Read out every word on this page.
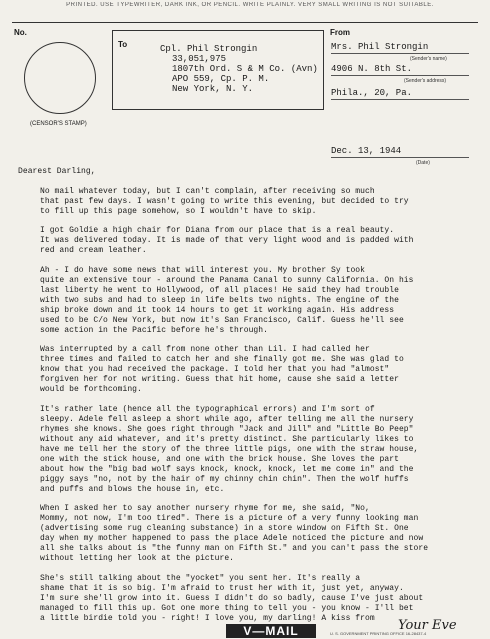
PRINTED. USE TYPEWRITER, DARK INK, OR PENCIL. WRITE PLAINLY. VERY SMALL WRITING IS NOT SUITABLE.
No.
(CENSOR'S STAMP)
To	Cpl. Phil Strongin
33,051,975
1807th Ord. S & M Co. (Avn)
APO 559, Cp. P. M.
New York, N. Y.
From
Mrs. Phil Strongin
(Sender's name)
4906 N. 8th St.
(Sender's address)
Phila., 20, Pa.
Dec. 13, 1944
(Date)
Dearest Darling,
No mail whatever today, but I can't complain, after receiving so much
that past few days. I wasn't going to write this evening, but decided to try
to fill up this page somehow, so I wouldn't have to skip.
I got Goldie a high chair for Diana from our place that is a real beauty.
It was delivered today. It is made of that very light wood and is padded with
red and cream leather.
Ah - I do have some news that will interest you. My brother Sy took
quite an extensive tour - around the Panama Canal to sunny California. On his
last liberty he went to Hollywood, of all places! He said they had trouble
with two subs and had to sleep in life belts two nights. The engine of the
ship broke down and it took 14 hours to get it working again. His address
used to be C/o New York, but now it's San Francisco, Calif. Guess he'll see
some action in the Pacific before he's through.
Was interrupted by a call from none other than Lil. I had called her
three times and failed to catch her and she finally got me. She was glad to
know that you had received the package. I told her that you had "almost"
forgiven her for not writing. Guess that hit home, cause she said a letter
would be forthcoming.
It's rather late (hence all the typographical errors) and I'm sort of
sleepy. Adele fell asleep a short while ago, after telling me all the nursery
rhymes she knows. She goes right through "Jack and Jill" and "Little Bo Peep"
without any aid whatever, and it's pretty distinct. She particularly likes to
have me tell her the story of the three little pigs, one with the straw house,
one with the stick house, and one with the brick house. She loves the part
about how the "big bad wolf says knock, knock, knock, let me come in" and the
piggy says "no, not by the hair of my chinny chin chin". Then the wolf huffs
and puffs and blows the house in, etc.
When I asked her to say another nursery rhyme for me, she said, "No,
Mommy, not now, I'm too tired". There is a picture of a very funny looking man
(advertising some rug cleaning substance) in a store window on Fifth St. One
day when my mother happened to pass the place Adele noticed the picture and now
all she talks about is "the funny man on Fifth St." and you can't pass the store
without letting her look at the picture.
She's still talking about the "yocket" you sent her. It's really a
shame that it is so big. I'm afraid to trust her with it, just yet, anyway.
I'm sure she'll grow into it. Guess I didn't do so badly, cause I've just about
managed to fill this up. Got one more thing to tell you - you know - I'll bet
a little birdie told you - right! I love you, my darling! A kiss from
V—MAIL	Your Eve
U. S. GOVERNMENT PRINTING OFFICE 16-28437-4
